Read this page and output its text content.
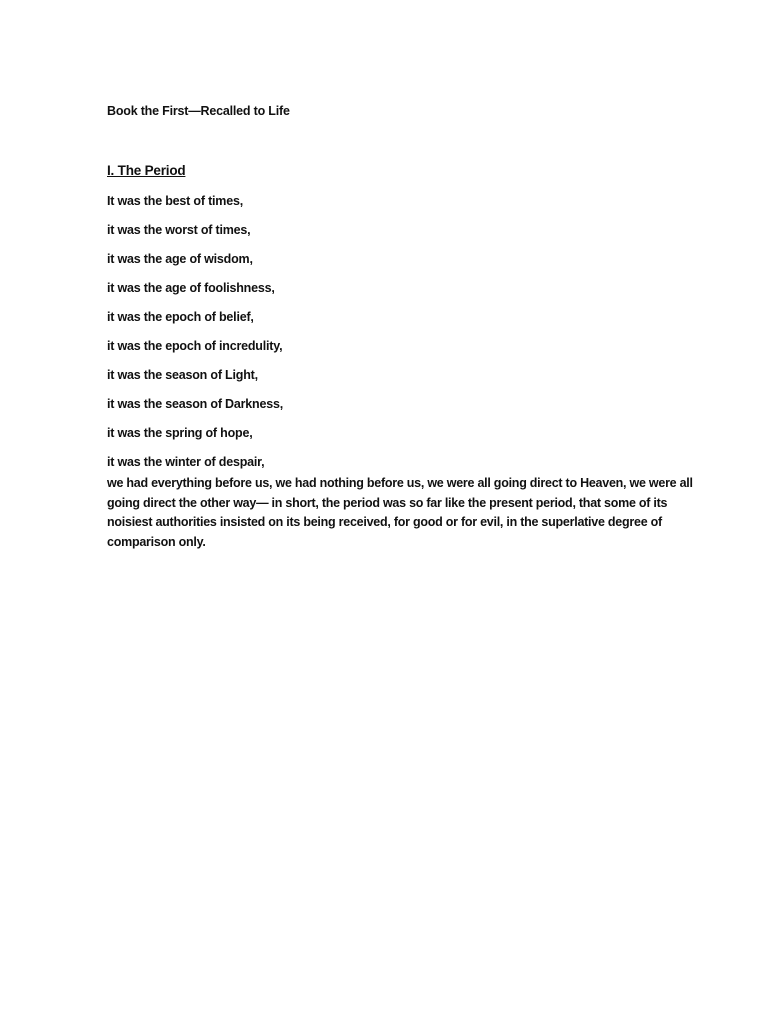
Book the First—Recalled to Life

I. The Period

It was the best of times,

it was the worst of times,

it was the age of wisdom,

it was the age of foolishness,

it was the epoch of belief,

it was the epoch of incredulity,

it was the season of Light,

it was the season of Darkness,

it was the spring of hope,

it was the winter of despair,

we had everything before us, we had nothing before us, we were all going direct to Heaven, we were all going direct the other way— in short, the period was so far like the present period, that some of its noisiest authorities insisted on its being received, for good or for evil, in the superlative degree of comparison only.
